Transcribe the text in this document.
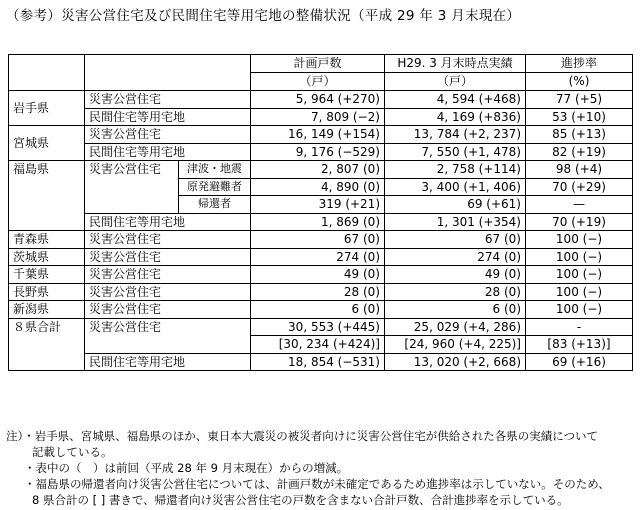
（参考）災害公営住宅及び民間住宅等用宅地の整備状況（平成 29 年 3 月末現在）
			計画戸数	H29. 3 月末時点実績	進捗率
			（戸）	（戸）	(%)
岩手県	災害公営住宅		5, 964 (+270)	4, 594 (+468)	77 (+5)
	民間住宅等用宅地		7, 809 (−2)	4, 169 (+836)	53 (+10)
宮城県	災害公営住宅		16, 149 (+154)	13, 784 (+2, 237)	85 (+13)
	民間住宅等用宅地		9, 176 (−529)	7, 550 (+1, 478)	82 (+19)
福島県	災害公営住宅	津波・地震	2, 807 (0)	2, 758 (+114)	98 (+4)
		原発避難者	4, 890 (0)	3, 400 (+1, 406)	70 (+29)
		帰還者	319 (+21)	69 (+61)	—
	民間住宅等用宅地		1, 869 (0)	1, 301 (+354)	70 (+19)
青森県	災害公営住宅		67 (0)	67 (0)	100 (−)
茨城県	災害公営住宅		274 (0)	274 (0)	100 (−)
千葉県	災害公営住宅		49 (0)	49 (0)	100 (−)
長野県	災害公営住宅		28 (0)	28 (0)	100 (−)
新潟県	災害公営住宅		6 (0)	6 (0)	100 (−)
８県合計	災害公営住宅		30, 553 (+445)	25, 029 (+4, 286)	-
			[30, 234 (+424)]	[24, 960 (+4, 225)]	[83 (+13)]
	民間住宅等用宅地		18, 854 (−531)	13, 020 (+2, 668)	69 (+16)
注）・岩手県、宮城県、福島県のほか、東日本大震災の被災者向けに災害公営住宅が供給された各県の実績について
記載している。
・表中の（　）は前回（平成 28 年 9 月末現在）からの増減。
・福島県の帰還者向け災害公営住宅については、計画戸数が未確定であるため進捗率は示していない。そのため、
8 県合計の [ ] 書きで、帰還者向け災害公営住宅の戸数を含まない合計戸数、合計進捗率を示している。
